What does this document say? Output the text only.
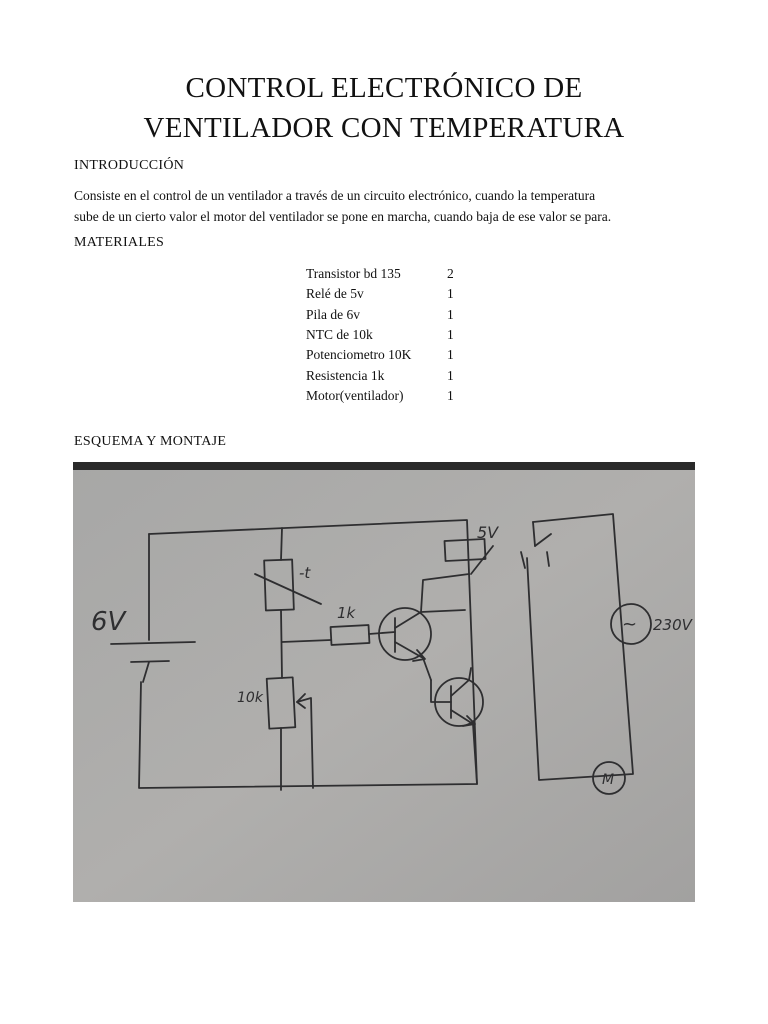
CONTROL ELECTRÓNICO DE
VENTILADOR CON TEMPERATURA
INTRODUCCIÓN
Consiste en el control de un ventilador a través de un circuito electrónico, cuando la temperatura
sube de un cierto valor el motor del ventilador se pone en marcha, cuando baja de ese valor se para.
MATERIALES
Transistor bd 135	2
Relé de 5v	1
Pila de 6v	1
NTC de 10k	1
Potenciometro 10K	1
Resistencia 1k	1
Motor(ventilador)	1
ESQUEMA Y MONTAJE
6V
5V
-t
1k
10k
230V
M
~
